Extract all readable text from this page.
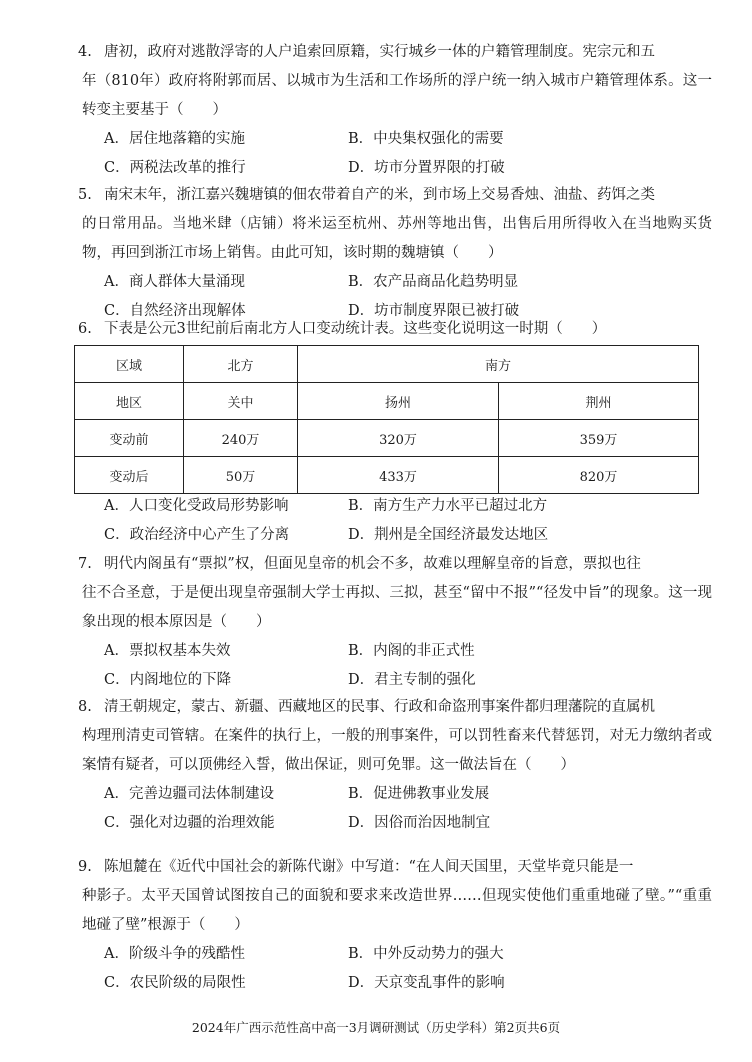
4. 唐初，政府对逃散浮寄的人户追索回原籍，实行城乡一体的户籍管理制度。宪宗元和五
年（810年）政府将附郭而居、以城市为生活和工作场所的浮户统一纳入城市户籍管理体系。这一转变主要基于（　　）
A．居住地落籍的实施	B．中央集权强化的需要
C．两税法改革的推行	D．坊市分置界限的打破
5. 南宋末年，浙江嘉兴魏塘镇的佃农带着自产的米，到市场上交易香烛、油盐、药饵之类
的日常用品。当地米肆（店铺）将米运至杭州、苏州等地出售，出售后用所得收入在当地购买货物，再回到浙江市场上销售。由此可知，该时期的魏塘镇（　　）
A．商人群体大量涌现	B．农产品商品化趋势明显
C．自然经济出现解体	D．坊市制度界限已被打破
6. 下表是公元3世纪前后南北方人口变动统计表。这些变化说明这一时期（　　）
区域	北方	南方	
地区	关中	扬州	荆州
变动前	240万	320万	359万
变动后	50万	433万	820万
A．人口变化受政局形势影响	B．南方生产力水平已超过北方
C．政治经济中心产生了分离	D．荆州是全国经济最发达地区
7. 明代内阁虽有“票拟”权，但面见皇帝的机会不多，故难以理解皇帝的旨意，票拟也往
往不合圣意，于是便出现皇帝强制大学士再拟、三拟，甚至“留中不报”“径发中旨”的现象。这一现象出现的根本原因是（　　）
A．票拟权基本失效	B．内阁的非正式性
C．内阁地位的下降	D．君主专制的强化
8. 清王朝规定，蒙古、新疆、西藏地区的民事、行政和命盗刑事案件都归理藩院的直属机
构理刑清吏司管辖。在案件的执行上，一般的刑事案件，可以罚牲畜来代替惩罚，对无力缴纳者或案情有疑者，可以顶佛经入誓，做出保证，则可免罪。这一做法旨在（　　）
A．完善边疆司法体制建设	B．促进佛教事业发展
C．强化对边疆的治理效能	D．因俗而治因地制宜
9. 陈旭麓在《近代中国社会的新陈代谢》中写道：“在人间天国里，天堂毕竟只能是一
种影子。太平天国曾试图按自己的面貌和要求来改造世界……但现实使他们重重地碰了壁。”“重重地碰了壁”根源于（　　）
A．阶级斗争的残酷性	B．中外反动势力的强大
C．农民阶级的局限性	D．天京变乱事件的影响
2024年广西示范性高中高一3月调研测试（历史学科）第2页共6页
